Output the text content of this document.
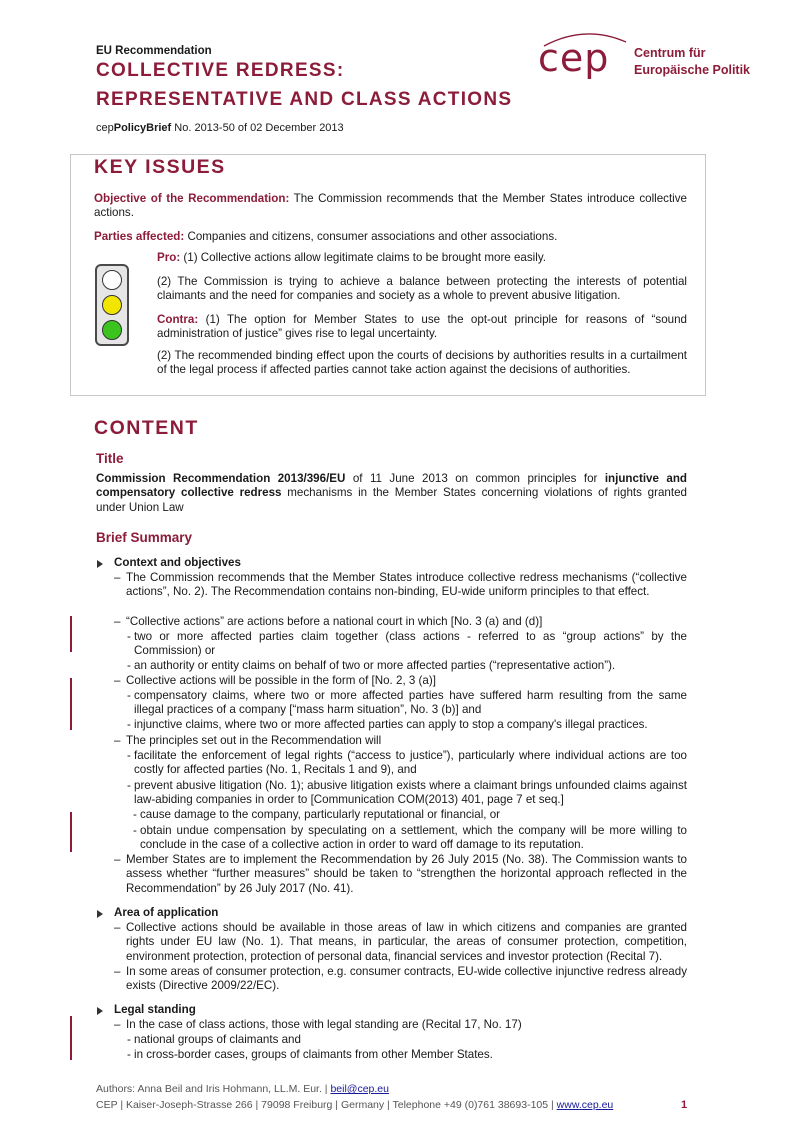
EU Recommendation
COLLECTIVE REDRESS:
REPRESENTATIVE AND CLASS ACTIONS
cepPolicyBrief No. 2013-50 of 02 December 2013
cep Centrum für
Europäische Politik
KEY ISSUES
Objective of the Recommendation: The Commission recommends that the Member States introduce collective actions.
Parties affected: Companies and citizens, consumer associations and other associations.
Pro: (1) Collective actions allow legitimate claims to be brought more easily.
(2) The Commission is trying to achieve a balance between protecting the interests of potential claimants and the need for companies and society as a whole to prevent abusive litigation.
Contra: (1) The option for Member States to use the opt-out principle for reasons of “sound administration of justice” gives rise to legal uncertainty.
(2) The recommended binding effect upon the courts of decisions by authorities results in a curtailment of the legal process if affected parties cannot take action against the decisions of authorities.
CONTENT
Title
Commission Recommendation 2013/396/EU of 11 June 2013 on common principles for injunctive and compensatory collective redress mechanisms in the Member States concerning violations of rights granted under Union Law
Brief Summary
Context and objectives
– The Commission recommends that the Member States introduce collective redress mechanisms (“collective actions”, No. 2). The Recommendation contains non-binding, EU-wide uniform principles to that effect.
– “Collective actions” are actions before a national court in which [No. 3 (a) and (d)]
- two or more affected parties claim together (class actions - referred to as “group actions” by the Commission) or
- an authority or entity claims on behalf of two or more affected parties (“representative action”).
– Collective actions will be possible in the form of [No. 2, 3 (a)]
- compensatory claims, where two or more affected parties have suffered harm resulting from the same illegal practices of a company [“mass harm situation”, No. 3 (b)] and
- injunctive claims, where two or more affected parties can apply to stop a company's illegal practices.
– The principles set out in the Recommendation will
- facilitate the enforcement of legal rights (“access to justice”), particularly where individual actions are too costly for affected parties (No. 1, Recitals 1 and 9), and
- prevent abusive litigation (No. 1); abusive litigation exists where a claimant brings unfounded claims against law-abiding companies in order to [Communication COM(2013) 401, page 7 et seq.]
- cause damage to the company, particularly reputational or financial, or
- obtain undue compensation by speculating on a settlement, which the company will be more willing to conclude in the case of a collective action in order to ward off damage to its reputation.
– Member States are to implement the Recommendation by 26 July 2015 (No. 38). The Commission wants to assess whether “further measures” should be taken to “strengthen the horizontal approach reflected in the Recommendation” by 26 July 2017 (No. 41).
Area of application
– Collective actions should be available in those areas of law in which citizens and companies are granted rights under EU law (No. 1). That means, in particular, the areas of consumer protection, competition, environment protection, protection of personal data, financial services and investor protection (Recital 7).
– In some areas of consumer protection, e.g. consumer contracts, EU-wide collective injunctive redress already exists (Directive 2009/22/EC).
Legal standing
– In the case of class actions, those with legal standing are (Recital 17, No. 17)
- national groups of claimants and
- in cross-border cases, groups of claimants from other Member States.
Authors: Anna Beil and Iris Hohmann, LL.M. Eur. | beil@cep.eu
CEP | Kaiser-Joseph-Strasse 266 | 79098 Freiburg | Germany | Telephone +49 (0)761 38693-105 | www.cep.eu	1
